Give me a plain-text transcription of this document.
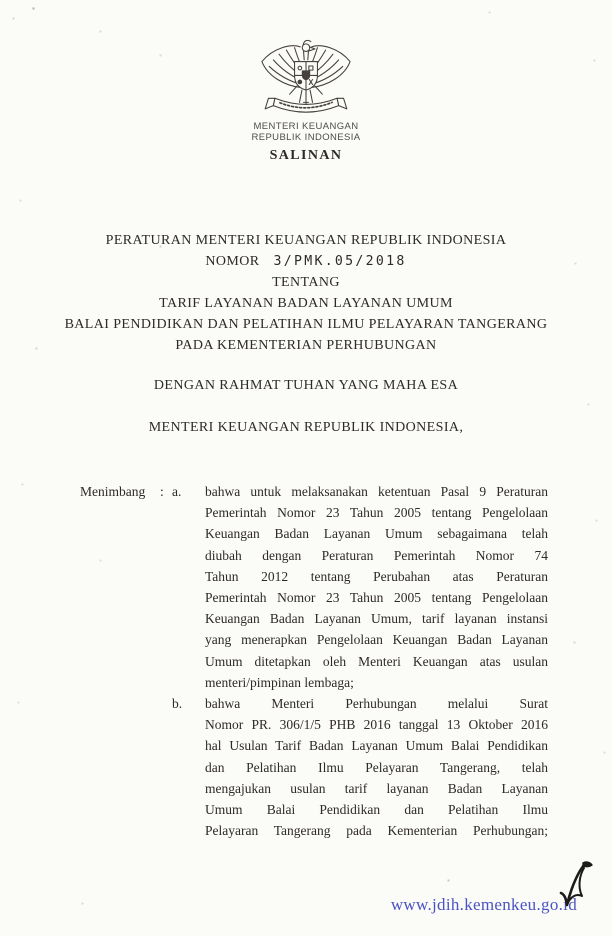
MENTERI KEUANGAN
REPUBLIK INDONESIA
SALINAN
PERATURAN MENTERI KEUANGAN REPUBLIK INDONESIA
NOMOR 3/PMK.05/2018
TENTANG
TARIF LAYANAN BADAN LAYANAN UMUM
BALAI PENDIDIKAN DAN PELATIHAN ILMU PELAYARAN TANGERANG
PADA KEMENTERIAN PERHUBUNGAN
DENGAN RAHMAT TUHAN YANG MAHA ESA
MENTERI KEUANGAN REPUBLIK INDONESIA,
Menimbang	: a.	bahwa untuk melaksanakan ketentuan Pasal 9 Peraturan
Pemerintah Nomor 23 Tahun 2005 tentang Pengelolaan
Keuangan Badan Layanan Umum sebagaimana telah
diubah dengan Peraturan Pemerintah Nomor 74
Tahun 2012 tentang Perubahan atas Peraturan
Pemerintah Nomor 23 Tahun 2005 tentang Pengelolaan
Keuangan Badan Layanan Umum, tarif layanan instansi
yang menerapkan Pengelolaan Keuangan Badan Layanan
Umum ditetapkan oleh Menteri Keuangan atas usulan
menteri/pimpinan lembaga;
b.	bahwa Menteri Perhubungan melalui Surat
Nomor PR. 306/1/5 PHB 2016 tanggal 13 Oktober 2016
hal Usulan Tarif Badan Layanan Umum Balai Pendidikan
dan Pelatihan Ilmu Pelayaran Tangerang, telah
mengajukan usulan tarif layanan Badan Layanan
Umum Balai Pendidikan dan Pelatihan Ilmu
Pelayaran Tangerang pada Kementerian Perhubungan;
www.jdih.kemenkeu.go.id
